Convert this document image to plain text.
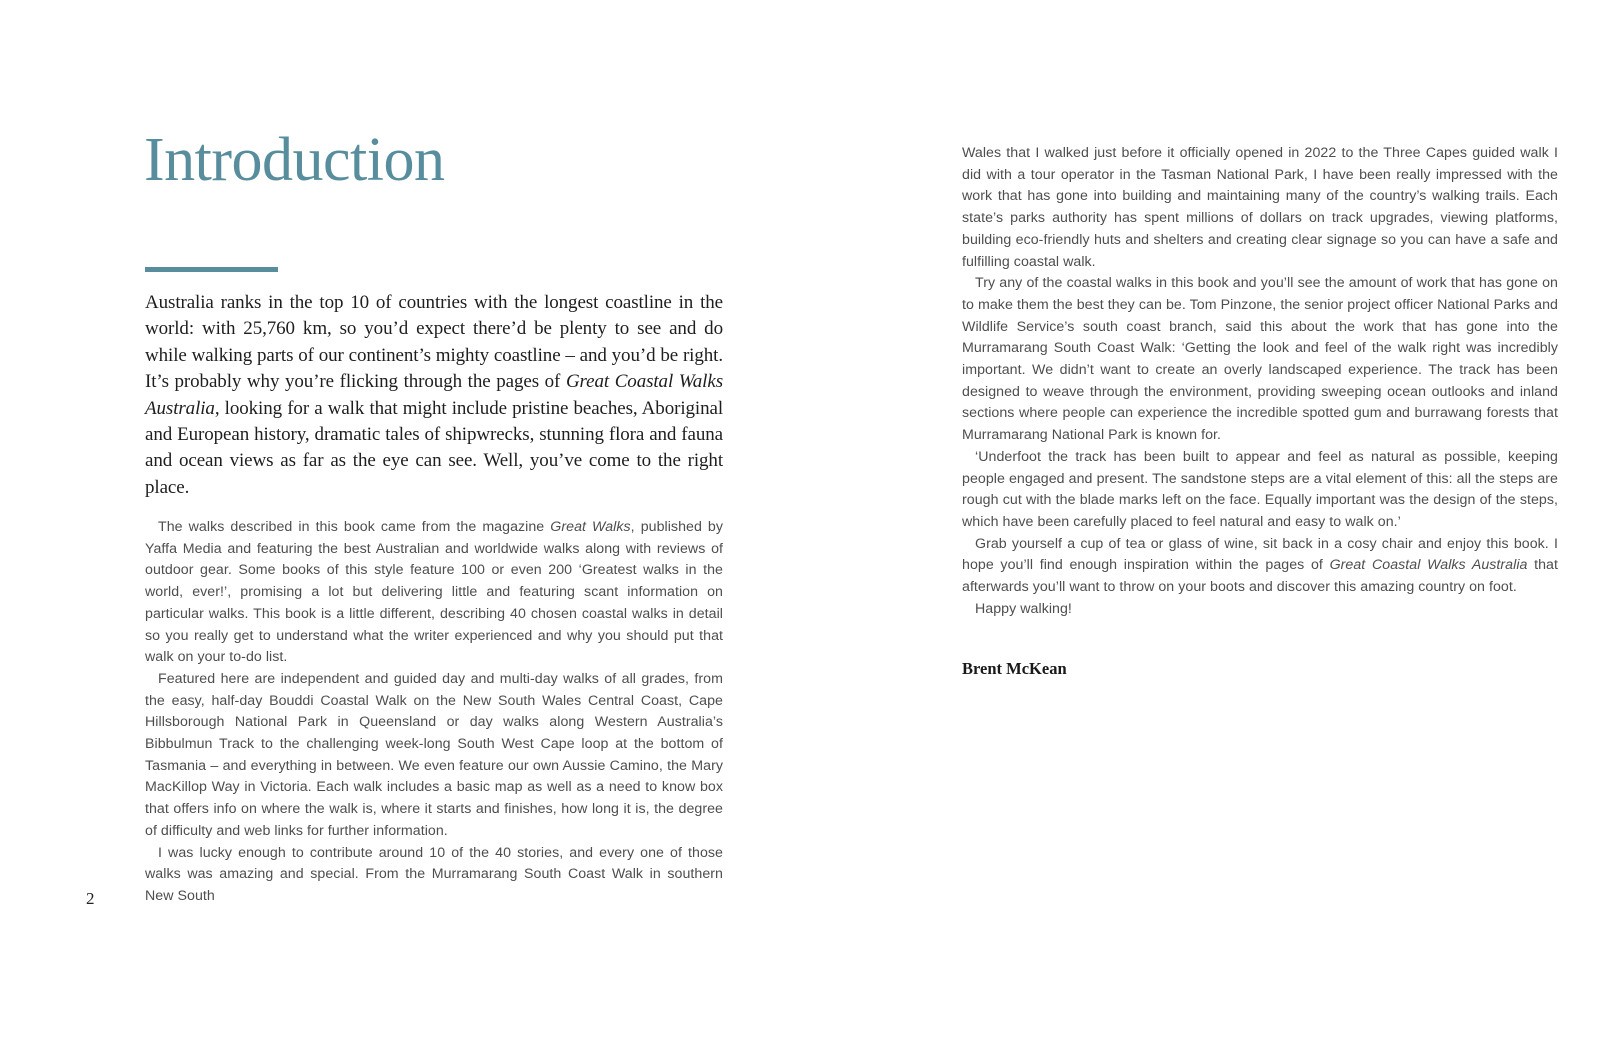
Introduction

Australia ranks in the top 10 of countries with the longest coastline in the world: with 25,760 km, so you’d expect there’d be plenty to see and do while walking parts of our continent’s mighty coastline – and you’d be right. It’s probably why you’re flicking through the pages of Great Coastal Walks Australia, looking for a walk that might include pristine beaches, Aboriginal and European history, dramatic tales of shipwrecks, stunning flora and fauna and ocean views as far as the eye can see. Well, you’ve come to the right place.

The walks described in this book came from the magazine Great Walks, published by Yaffa Media and featuring the best Australian and worldwide walks along with reviews of outdoor gear. Some books of this style feature 100 or even 200 ‘Greatest walks in the world, ever!’, promising a lot but delivering little and featuring scant information on particular walks. This book is a little different, describing 40 chosen coastal walks in detail so you really get to understand what the writer experienced and why you should put that walk on your to-do list.

Featured here are independent and guided day and multi-day walks of all grades, from the easy, half-day Bouddi Coastal Walk on the New South Wales Central Coast, Cape Hillsborough National Park in Queensland or day walks along Western Australia’s Bibbulmun Track to the challenging week-long South West Cape loop at the bottom of Tasmania – and everything in between. We even feature our own Aussie Camino, the Mary MacKillop Way in Victoria. Each walk includes a basic map as well as a need to know box that offers info on where the walk is, where it starts and finishes, how long it is, the degree of difficulty and web links for further information.

I was lucky enough to contribute around 10 of the 40 stories, and every one of those walks was amazing and special. From the Murramarang South Coast Walk in southern New South

2

Wales that I walked just before it officially opened in 2022 to the Three Capes guided walk I did with a tour operator in the Tasman National Park, I have been really impressed with the work that has gone into building and maintaining many of the country’s walking trails. Each state’s parks authority has spent millions of dollars on track upgrades, viewing platforms, building eco-friendly huts and shelters and creating clear signage so you can have a safe and fulfilling coastal walk.

Try any of the coastal walks in this book and you’ll see the amount of work that has gone on to make them the best they can be. Tom Pinzone, the senior project officer National Parks and Wildlife Service’s south coast branch, said this about the work that has gone into the Murramarang South Coast Walk: ‘Getting the look and feel of the walk right was incredibly important. We didn’t want to create an overly landscaped experience. The track has been designed to weave through the environment, providing sweeping ocean outlooks and inland sections where people can experience the incredible spotted gum and burrawang forests that Murramarang National Park is known for.

‘Underfoot the track has been built to appear and feel as natural as possible, keeping people engaged and present. The sandstone steps are a vital element of this: all the steps are rough cut with the blade marks left on the face. Equally important was the design of the steps, which have been carefully placed to feel natural and easy to walk on.’

Grab yourself a cup of tea or glass of wine, sit back in a cosy chair and enjoy this book. I hope you’ll find enough inspiration within the pages of Great Coastal Walks Australia that afterwards you’ll want to throw on your boots and discover this amazing country on foot.

Happy walking!

Brent McKean
